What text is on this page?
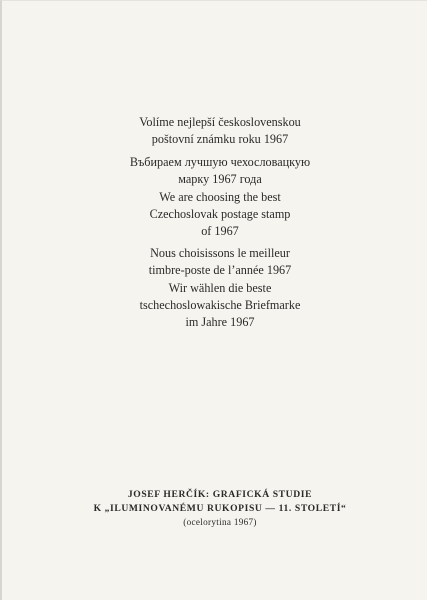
Volíme nejlepší československou
poštovní známku roku 1967
Въбираем лучшую чехословацкую
марку 1967 года
We are choosing the best
Czechoslovak postage stamp
of 1967
Nous choisissons le meilleur
timbre-poste de l’année 1967
Wir wählen die beste
tschechoslowakische Briefmarke
im Jahre 1967
JOSEF HERČÍK: GRAFICKÁ STUDIE
K „ILUMINOVANÉMU RUKOPISU — 11. STOLETÍ“
(ocelorytina 1967)
